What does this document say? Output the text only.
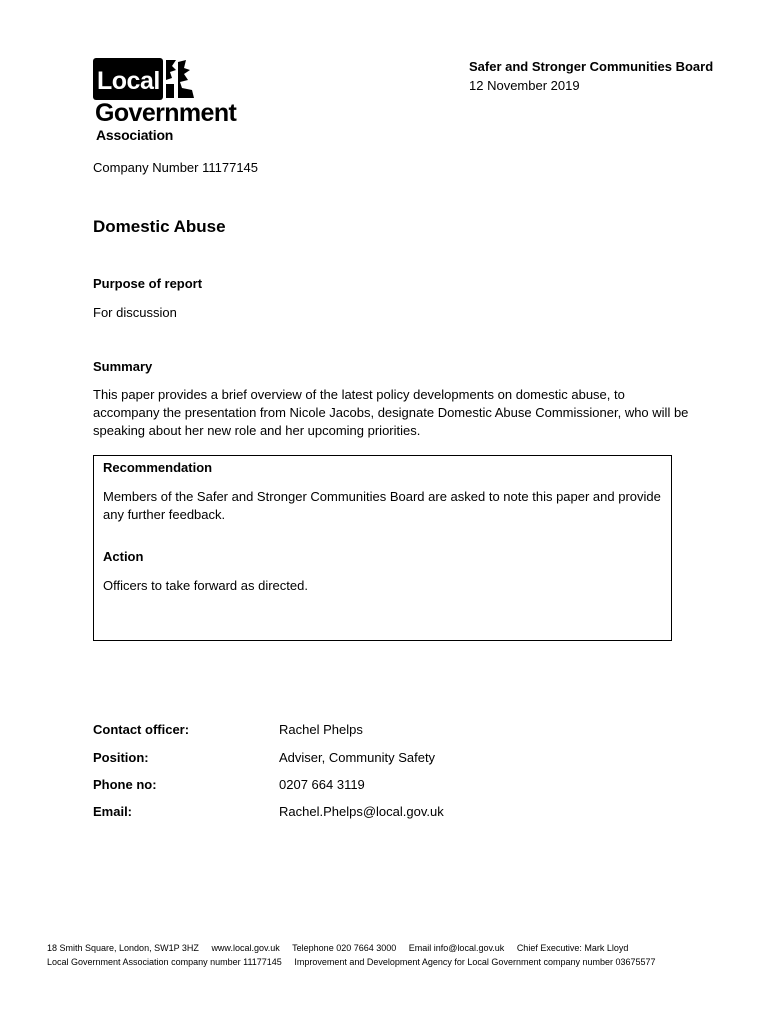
Local
Government
Association
Safer and Stronger Communities Board
12 November 2019
Company Number 11177145
Domestic Abuse
Purpose of report
For discussion
Summary
This paper provides a brief overview of the latest policy developments on domestic abuse, to accompany the presentation from Nicole Jacobs, designate Domestic Abuse Commissioner, who will be speaking about her new role and her upcoming priorities.
Recommendation
Members of the Safer and Stronger Communities Board are asked to note this paper and provide any further feedback.
Action
Officers to take forward as directed.
Contact officer:	Rachel Phelps
Position:	Adviser, Community Safety
Phone no:	0207 664 3119
Email:	Rachel.Phelps@local.gov.uk
18 Smith Square, London, SW1P 3HZ www.local.gov.uk Telephone 020 7664 3000 Email info@local.gov.uk Chief Executive: Mark Lloyd
Local Government Association company number 11177145 Improvement and Development Agency for Local Government company number 03675577
